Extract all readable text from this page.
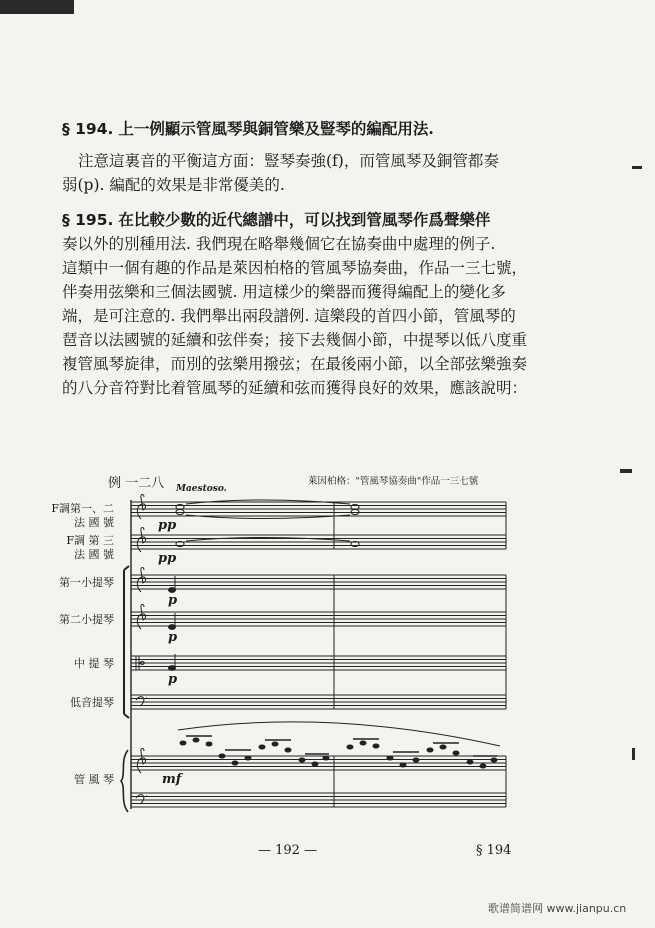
§ 194. 上一例顯示管風琴與銅管樂及豎琴的編配用法.
注意這裏音的平衡這方面：豎琴奏強(f)，而管風琴及銅管都奏
弱(p). 編配的效果是非常優美的.
§ 195. 在比較少數的近代總譜中，可以找到管風琴作爲聲樂伴
奏以外的別種用法. 我們現在略舉幾個它在協奏曲中處理的例子.
這類中一個有趣的作品是萊因柏格的管風琴協奏曲，作品一三七號，
伴奏用弦樂和三個法國號. 用這樣少的樂器而獲得編配上的變化多
端，是可注意的. 我們舉出兩段譜例. 這樂段的首四小節，管風琴的
琶音以法國號的延續和弦伴奏；接下去幾個小節，中提琴以低八度重
複管風琴旋律，而別的弦樂用撥弦；在最後兩小節，以全部弦樂強奏
的八分音符對比着管風琴的延續和弦而獲得良好的效果，應該說明：
例 一二八 Maestoso.
萊因柏格："管風琴協奏曲"作品一三七號
F調第一、二
法 國 號
F調 第 三
法 國 號
第一小提琴
第二小提琴
中 提 琴
低音提琴
管 風 琴
pp
pp
p
p
p
mf
— 192 —	§ 194
歌谱简谱网 www.jianpu.cn
